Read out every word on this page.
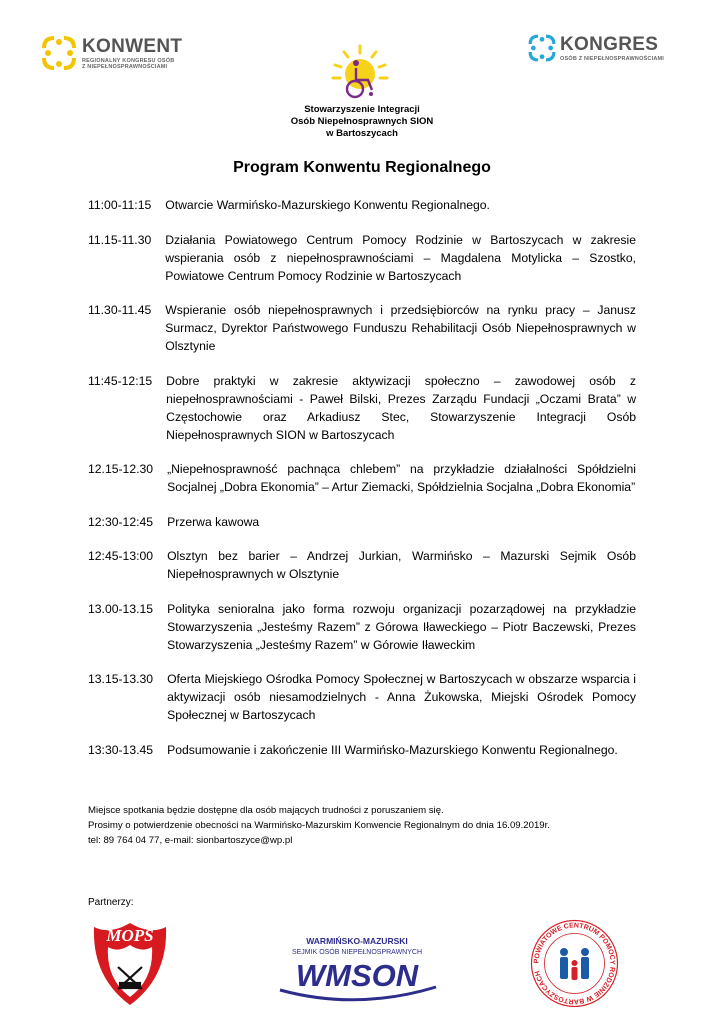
KONWENT
REGIONALNY KONGRESU OSÓB
Z NIEPEŁNOSPRAWNOŚCIAMI
KONGRES
OSÓB Z NIEPEŁNOSPRAWNOŚCIAMI
Stowarzyszenie Integracji
Osób Niepełnosprawnych SION
w Bartoszycach
Program Konwentu Regionalnego
11:00-11:15	Otwarcie Warmińsko-Mazurskiego Konwentu Regionalnego.
11.15-11.30	Działania Powiatowego Centrum Pomocy Rodzinie w Bartoszycach w zakresie wspierania osób z niepełnosprawnościami – Magdalena Motylicka – Szostko, Powiatowe Centrum Pomocy Rodzinie w Bartoszycach
11.30-11.45	Wspieranie osób niepełnosprawnych i przedsiębiorców na rynku pracy – Janusz Surmacz, Dyrektor Państwowego Funduszu Rehabilitacji Osób Niepełnosprawnych w Olsztynie
11:45-12:15	Dobre praktyki w zakresie aktywizacji społeczno – zawodowej osób z niepełnosprawnościami - Paweł Bilski, Prezes Zarządu Fundacji „Oczami Brata” w Częstochowie oraz Arkadiusz Stec, Stowarzyszenie Integracji Osób Niepełnosprawnych SION w Bartoszycach
12.15-12.30	„Niepełnosprawność pachnąca chlebem” na przykładzie działalności Spółdzielni Socjalnej „Dobra Ekonomia” – Artur Ziemacki, Spółdzielnia Socjalna „Dobra Ekonomia”
12:30-12:45	Przerwa kawowa
12:45-13:00	Olsztyn bez barier – Andrzej Jurkian, Warmińsko – Mazurski Sejmik Osób Niepełnosprawnych w Olsztynie
13.00-13.15	Polityka senioralna jako forma rozwoju organizacji pozarządowej na przykładzie Stowarzyszenia „Jesteśmy Razem” z Górowa Iławeckiego – Piotr Baczewski, Prezes Stowarzyszenia „Jesteśmy Razem” w Górowie Iławeckim
13.15-13.30	Oferta Miejskiego Ośrodka Pomocy Społecznej w Bartoszycach w obszarze wsparcia i aktywizacji osób niesamodzielnych - Anna Żukowska, Miejski Ośrodek Pomocy Społecznej w Bartoszycach
13:30-13.45	Podsumowanie i zakończenie III Warmińsko-Mazurskiego Konwentu Regionalnego.
Miejsce spotkania będzie dostępne dla osób mających trudności z poruszaniem się.
Prosimy o potwierdzenie obecności na Warmińsko-Mazurskim Konwencie Regionalnym do dnia 16.09.2019r.
tel: 89 764 04 77, e-mail: sionbartoszyce@wp.pl
Partnerzy:
MOPS	WARMIŃSKO-MAZURSKI
SEJMIK OSÓB NIEPEŁNOSPRAWNYCH
WMSON	POWIATOWE CENTRUM POMOCY RODZINIE W BARTOSZYCACH
